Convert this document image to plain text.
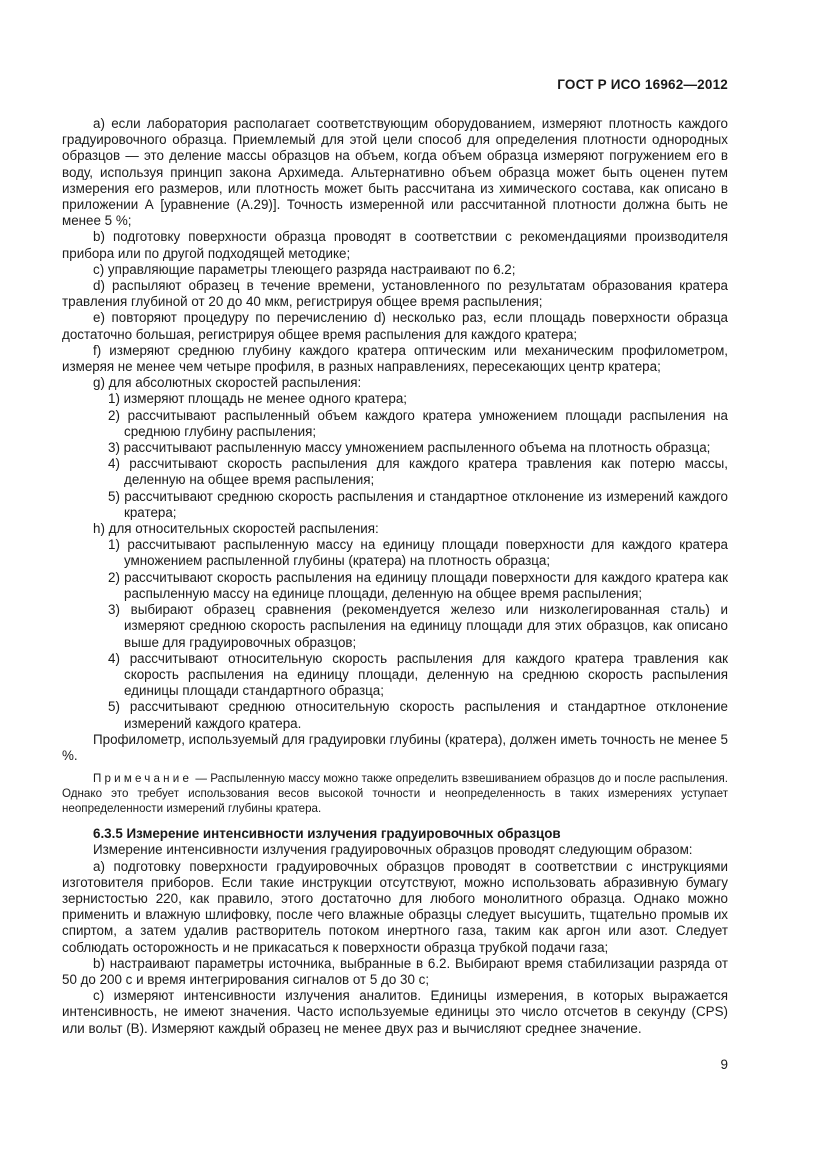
ГОСТ Р ИСО 16962—2012

a) если лаборатория располагает соответствующим оборудованием, измеряют плотность каждого градуировочного образца. Приемлемый для этой цели способ для определения плотности однородных образцов — это деление массы образцов на объем, когда объем образца измеряют погружением его в воду, используя принцип закона Архимеда. Альтернативно объем образца может быть оценен путем измерения его размеров, или плотность может быть рассчитана из химического состава, как описано в приложении А [уравнение (А.29)]. Точность измеренной или рассчитанной плотности должна быть не менее 5 %;

b) подготовку поверхности образца проводят в соответствии с рекомендациями производителя прибора или по другой подходящей методике;

c) управляющие параметры тлеющего разряда настраивают по 6.2;

d) распыляют образец в течение времени, установленного по результатам образования кратера травления глубиной от 20 до 40 мкм, регистрируя общее время распыления;

e) повторяют процедуру по перечислению d) несколько раз, если площадь поверхности образца достаточно большая, регистрируя общее время распыления для каждого кратера;

f) измеряют среднюю глубину каждого кратера оптическим или механическим профилометром, измеряя не менее чем четыре профиля, в разных направлениях, пересекающих центр кратера;

g) для абсолютных скоростей распыления:

1) измеряют площадь не менее одного кратера;

2) рассчитывают распыленный объем каждого кратера умножением площади распыления на среднюю глубину распыления;

3) рассчитывают распыленную массу умножением распыленного объема на плотность образца;

4) рассчитывают скорость распыления для каждого кратера травления как потерю массы, деленную на общее время распыления;

5) рассчитывают среднюю скорость распыления и стандартное отклонение из измерений каждого кратера;

h) для относительных скоростей распыления:

1) рассчитывают распыленную массу на единицу площади поверхности для каждого кратера умножением распыленной глубины (кратера) на плотность образца;

2) рассчитывают скорость распыления на единицу площади поверхности для каждого кратера как распыленную массу на единице площади, деленную на общее время распыления;

3) выбирают образец сравнения (рекомендуется железо или низколегированная сталь) и измеряют среднюю скорость распыления на единицу площади для этих образцов, как описано выше для градуировочных образцов;

4) рассчитывают относительную скорость распыления для каждого кратера травления как скорость распыления на единицу площади, деленную на среднюю скорость распыления единицы площади стандартного образца;

5) рассчитывают среднюю относительную скорость распыления и стандартное отклонение измерений каждого кратера.

Профилометр, используемый для градуировки глубины (кратера), должен иметь точность не менее 5 %.

Примечание — Распыленную массу можно также определить взвешиванием образцов до и после распыления. Однако это требует использования весов высокой точности и неопределенность в таких измерениях уступает неопределенности измерений глубины кратера.

6.3.5 Измерение интенсивности излучения градуировочных образцов

Измерение интенсивности излучения градуировочных образцов проводят следующим образом:

a) подготовку поверхности градуировочных образцов проводят в соответствии с инструкциями изготовителя приборов. Если такие инструкции отсутствуют, можно использовать абразивную бумагу зернистостью 220, как правило, этого достаточно для любого монолитного образца. Однако можно применить и влажную шлифовку, после чего влажные образцы следует высушить, тщательно промыв их спиртом, а затем удалив растворитель потоком инертного газа, таким как аргон или азот. Следует соблюдать осторожность и не прикасаться к поверхности образца трубкой подачи газа;

b) настраивают параметры источника, выбранные в 6.2. Выбирают время стабилизации разряда от 50 до 200 с и время интегрирования сигналов от 5 до 30 с;

c) измеряют интенсивности излучения аналитов. Единицы измерения, в которых выражается интенсивность, не имеют значения. Часто используемые единицы это число отсчетов в секунду (CPS) или вольт (В). Измеряют каждый образец не менее двух раз и вычисляют среднее значение.

9
